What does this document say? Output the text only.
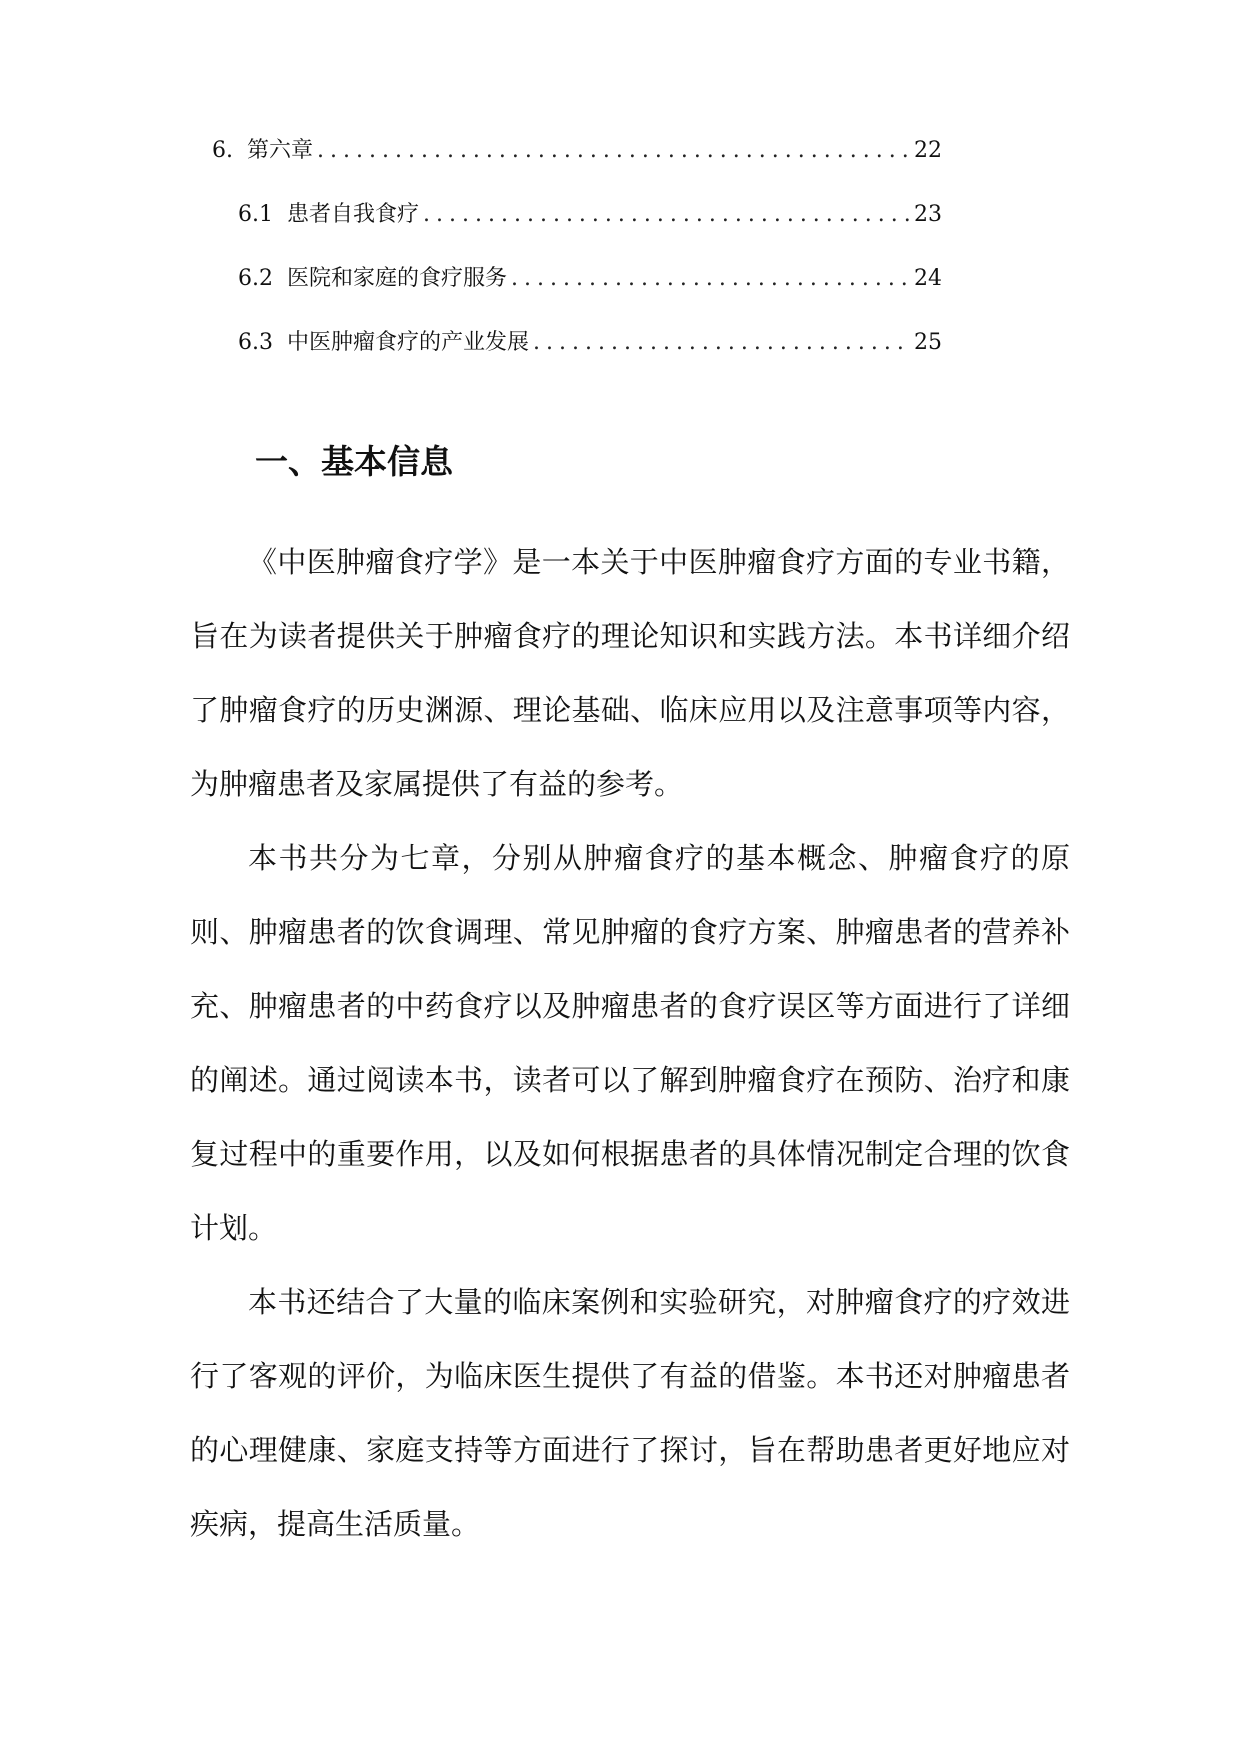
6. 第六章 .....	22
6.1 患者自我食疗 .....	23
6.2 医院和家庭的食疗服务 .....	24
6.3 中医肿瘤食疗的产业发展 .....	25
一、基本信息

《中医肿瘤食疗学》是一本关于中医肿瘤食疗方面的专业书籍，旨在为读者提供关于肿瘤食疗的理论知识和实践方法。本书详细介绍了肿瘤食疗的历史渊源、理论基础、临床应用以及注意事项等内容，为肿瘤患者及家属提供了有益的参考。

本书共分为七章，分别从肿瘤食疗的基本概念、肿瘤食疗的原则、肿瘤患者的饮食调理、常见肿瘤的食疗方案、肿瘤患者的营养补充、肿瘤患者的中药食疗以及肿瘤患者的食疗误区等方面进行了详细的阐述。通过阅读本书，读者可以了解到肿瘤食疗在预防、治疗和康复过程中的重要作用，以及如何根据患者的具体情况制定合理的饮食计划。

本书还结合了大量的临床案例和实验研究，对肿瘤食疗的疗效进行了客观的评价，为临床医生提供了有益的借鉴。本书还对肿瘤患者的心理健康、家庭支持等方面进行了探讨，旨在帮助患者更好地应对疾病，提高生活质量。
